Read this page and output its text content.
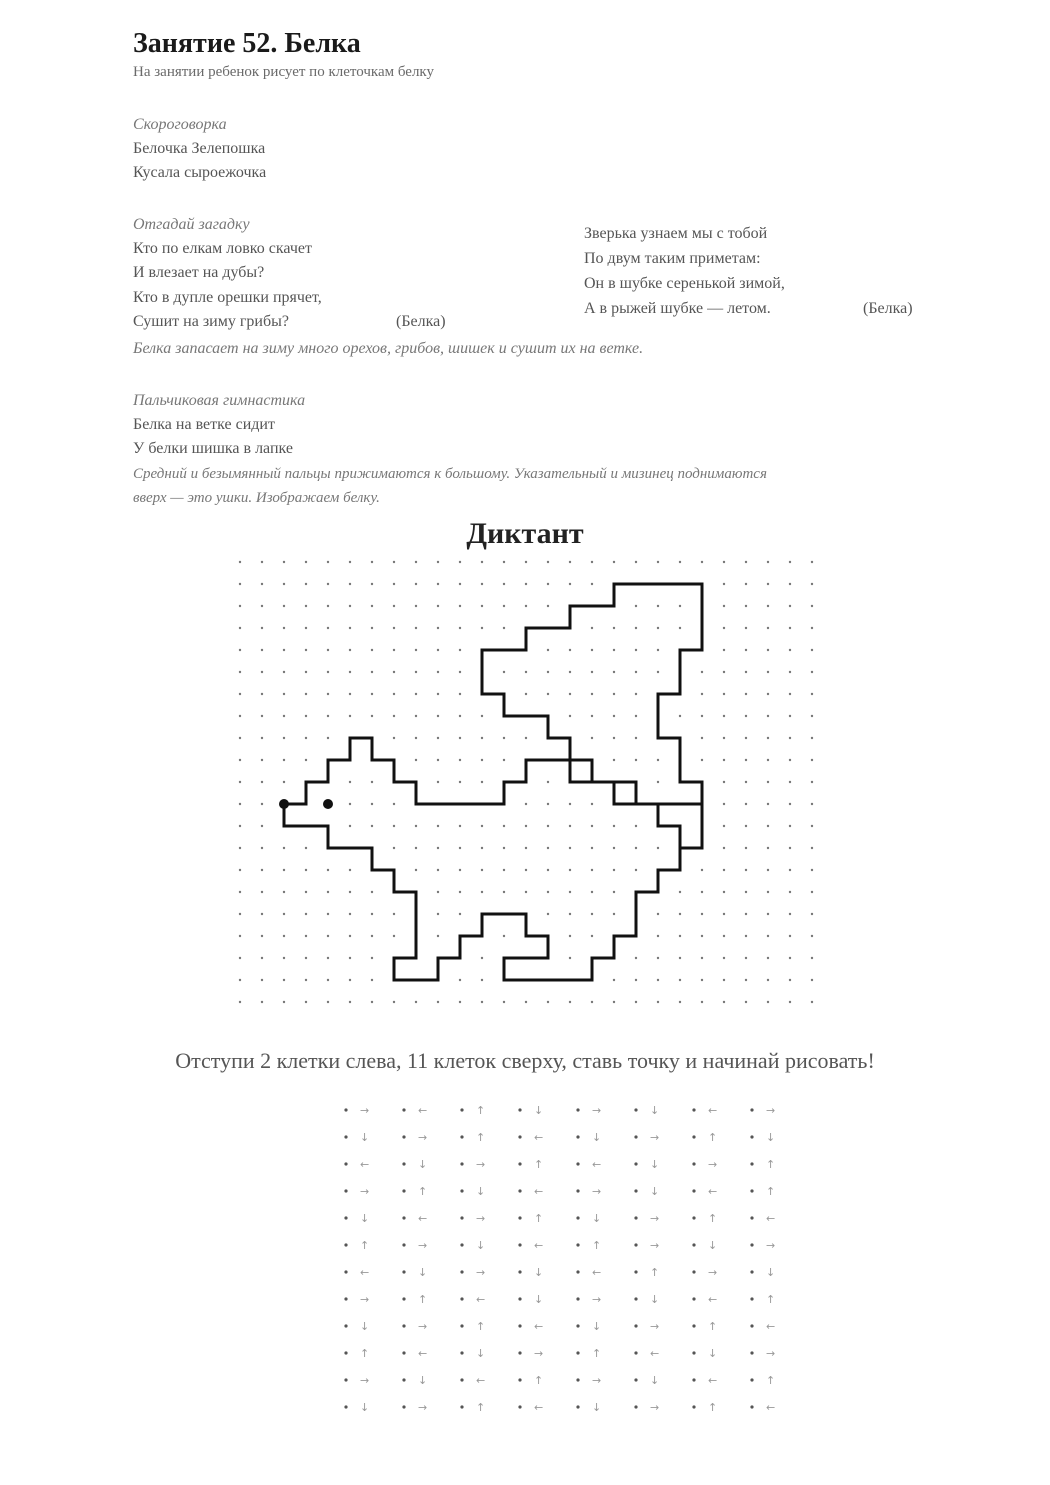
Занятие 52. Белка
На занятии ребенок рисует по клеточкам белку
Скороговорка
Белочка Зелепошка
Кусала сыроежочка
Отгадай загадку
Кто по елкам ловко скачет
И влезает на дубы?
Кто в дупле орешки прячет,
Сушит на зиму грибы?	(Белка)
Зверька узнаем мы с тобой
По двум таким приметам:
Он в шубке серенькой зимой,
А в рыжей шубке — летом.	(Белка)
Белка запасает на зиму много орехов, грибов, шишек и сушит их на ветке.
Пальчиковая гимнастика
Белка на ветке сидит
У белки шишка в лапке
Средний и безымянный пальцы прижимаются к большому. Указательный и мизинец поднимаются
вверх — это ушки. Изображаем белку.
Диктант
→	←	↑	↓	→	↓	←	→
↓	→	↑	←	↓	→	↑	↓
←	↓	→	↑	←	↓	→	↑
→	↑	↓	←	→	↓	←	↑
↓	←	→	↑	↓	→	↑	←
↑	→	↓	←	↑	→	↓	→
←	↓	→	↓	←	↑	→	↓
→	↑	←	↓	→	↓	←	↑
↓	→	↑	←	↓	→	↑	←
↑	←	↓	→	↑	←	↓	→
→	↓	←	↑	→	↓	←	↑
↓	→	↑	←	↓	→	↑	←
Отступи 2 клетки слева, 11 клеток сверху, ставь точку и начинай рисовать!
